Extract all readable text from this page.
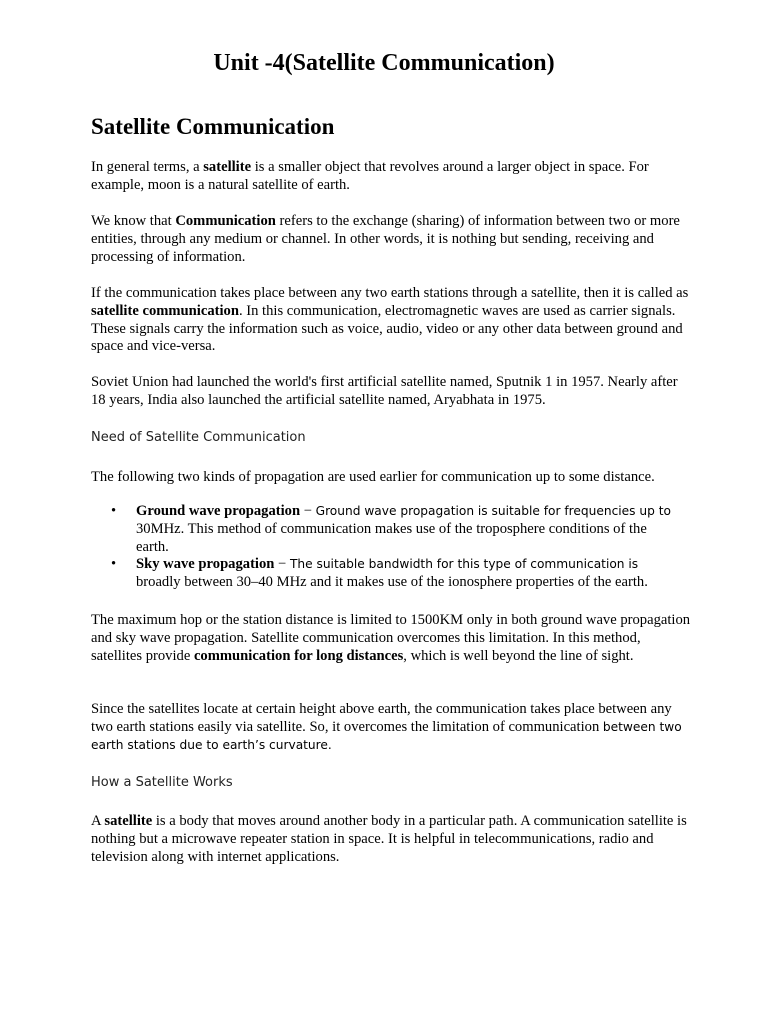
Unit -4(Satellite Communication)
Satellite Communication

In general terms, a satellite is a smaller object that revolves around a larger object in space. For example, moon is a natural satellite of earth.

We know that Communication refers to the exchange (sharing) of information between two or more entities, through any medium or channel. In other words, it is nothing but sending, receiving and processing of information.

If the communication takes place between any two earth stations through a satellite, then it is called as satellite communication. In this communication, electromagnetic waves are used as carrier signals. These signals carry the information such as voice, audio, video or any other data between ground and space and vice-versa.

Soviet Union had launched the world's first artificial satellite named, Sputnik 1 in 1957. Nearly after 18 years, India also launched the artificial satellite named, Aryabhata in 1975.

Need of Satellite Communication

The following two kinds of propagation are used earlier for communication up to some distance.

• Ground wave propagation − Ground wave propagation is suitable for frequencies up to 30MHz. This method of communication makes use of the troposphere conditions of the earth.
• Sky wave propagation − The suitable bandwidth for this type of communication is broadly between 30–40 MHz and it makes use of the ionosphere properties of the earth.

The maximum hop or the station distance is limited to 1500KM only in both ground wave propagation and sky wave propagation. Satellite communication overcomes this limitation. In this method, satellites provide communication for long distances, which is well beyond the line of sight.

Since the satellites locate at certain height above earth, the communication takes place between any two earth stations easily via satellite. So, it overcomes the limitation of communication between two earth stations due to earth’s curvature.

How a Satellite Works

A satellite is a body that moves around another body in a particular path. A communication satellite is nothing but a microwave repeater station in space. It is helpful in telecommunications, radio and television along with internet applications.
